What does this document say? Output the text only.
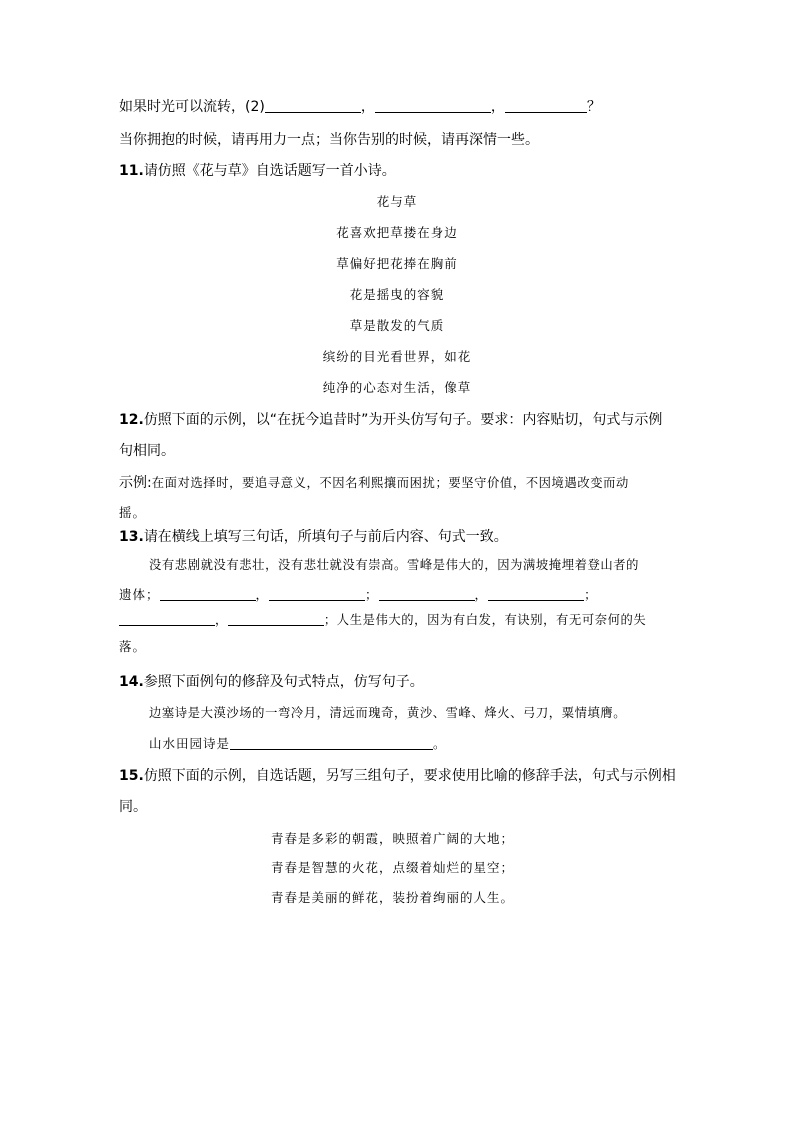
如果时光可以流转，(2)	，	，	？
当你拥抱的时候，请再用力一点；当你告别的时候，请再深情一些。
11.请仿照《花与草》自选话题写一首小诗。
花与草
花喜欢把草搂在身边
草偏好把花捧在胸前
花是摇曳的容貌
草是散发的气质
缤纷的目光看世界，如花
纯净的心态对生活，像草
12.仿照下面的示例，以“在抚今追昔时”为开头仿写句子。要求：内容贴切，句式与示例
句相同。
示例:在面对选择时，要追寻意义，不因名利熙攘而困扰；要坚守价值，不因境遇改变而动
摇。
13.请在横线上填写三句话，所填句子与前后内容、句式一致。
没有悲剧就没有悲壮，没有悲壮就没有崇高。雪峰是伟大的，因为满坡掩埋着登山者的
遗体；	，	；	，	；
，	；人生是伟大的，因为有白发，有诀别，有无可奈何的失
落。
14.参照下面例句的修辞及句式特点，仿写句子。
边塞诗是大漠沙场的一弯冷月，清远而瑰奇，黄沙、雪峰、烽火、弓刀，粟情填膺。
山水田园诗是	。
15.仿照下面的示例，自选话题，另写三组句子，要求使用比喻的修辞手法，句式与示例相
同。
青春是多彩的朝霞，映照着广阔的大地；
青春是智慧的火花，点缀着灿烂的星空；
青春是美丽的鲜花，装扮着绚丽的人生。
